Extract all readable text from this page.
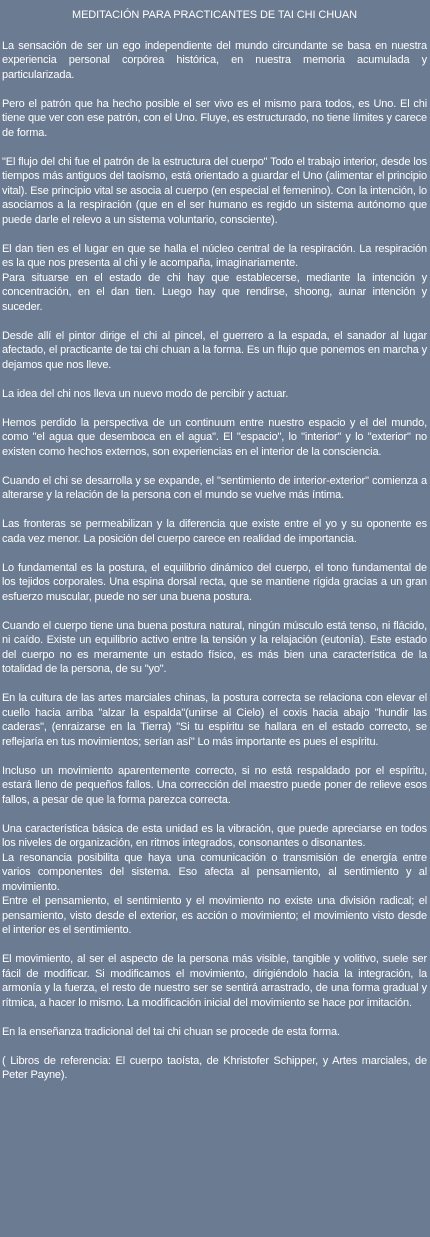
MEDITACIÓN PARA PRACTICANTES DE TAI CHI CHUAN

La sensación de ser un ego independiente del mundo circundante se basa en nuestra experiencia personal corpórea histórica, en nuestra memoria acumulada y particularizada.

Pero el patrón que ha hecho posible el ser vivo es el mismo para todos, es Uno. El chi tiene que ver con ese patrón, con el Uno. Fluye, es estructurado, no tiene límites y carece de forma.

"El flujo del chi fue el patrón de la estructura del cuerpo" Todo el trabajo interior, desde los tiempos más antiguos del taoísmo, está orientado a guardar el Uno (alimentar el principio vital). Ese principio vital se asocia al cuerpo (en especial el femenino). Con la intención, lo asociamos a la respiración (que en el ser humano es regido un sistema autónomo que puede darle el relevo a un sistema voluntario, consciente).

El dan tien es el lugar en que se halla el núcleo central de la respiración. La respiración es la que nos presenta al chi y le acompaña, imaginariamente.

Para situarse en el estado de chi hay que establecerse, mediante la intención y concentración, en el dan tien. Luego hay que rendirse, shoong, aunar intención y suceder.

Desde allí el pintor dirige el chi al pincel, el guerrero a la espada, el sanador al lugar afectado, el practicante de tai chi chuan a la forma. Es un flujo que ponemos en marcha y dejamos que nos lleve.

La idea del chi nos lleva un nuevo modo de percibir y actuar.

Hemos perdido la perspectiva de un continuum entre nuestro espacio y el del mundo, como "el agua que desemboca en el agua". El "espacio", lo "interior" y lo "exterior" no existen como hechos externos, son experiencias en el interior de la consciencia.

Cuando el chi se desarrolla y se expande, el "sentimiento de interior-exterior" comienza a alterarse y la relación de la persona con el mundo se vuelve más íntima.

Las fronteras se permeabilizan y la diferencia que existe entre el yo y su oponente es cada vez menor. La posición del cuerpo carece en realidad de importancia.

Lo fundamental es la postura, el equilibrio dinámico del cuerpo, el tono fundamental de los tejidos corporales. Una espina dorsal recta, que se mantiene rígida gracias a un gran esfuerzo muscular, puede no ser una buena postura.

Cuando el cuerpo tiene una buena postura natural, ningún músculo está tenso, ni flácido, ni caído. Existe un equilibrio activo entre la tensión y la relajación (eutonía). Este estado del cuerpo no es meramente un estado físico, es más bien una característica de la totalidad de la persona, de su "yo".

En la cultura de las artes marciales chinas, la postura correcta se relaciona con elevar el cuello hacia arriba "alzar la espalda"(unirse al Cielo) el coxis hacia abajo "hundir las caderas", (enraizarse en la Tierra) "Si tu espíritu se hallara en el estado correcto, se reflejaría en tus movimientos; serían así" Lo más importante es pues el espíritu.

Incluso un movimiento aparentemente correcto, si no está respaldado por el espíritu, estará lleno de pequeños fallos. Una corrección del maestro puede poner de relieve esos fallos, a pesar de que la forma parezca correcta.

Una característica básica de esta unidad es la vibración, que puede apreciarse en todos los niveles de organización, en ritmos integrados, consonantes o disonantes.

La resonancia posibilita que haya una comunicación o transmisión de energía entre varios componentes del sistema. Eso afecta al pensamiento, al sentimiento y al movimiento.

Entre el pensamiento, el sentimiento y el movimiento no existe una división radical; el pensamiento, visto desde el exterior, es acción o movimiento; el movimiento visto desde el interior es el sentimiento.

El movimiento, al ser el aspecto de la persona más visible, tangible y volitivo, suele ser fácil de modificar. Si modificamos el movimiento, dirigiéndolo hacia la integración, la armonía y la fuerza, el resto de nuestro ser se sentirá arrastrado, de una forma gradual y rítmica, a hacer lo mismo. La modificación inicial del movimiento se hace por imitación.

En la enseñanza tradicional del tai chi chuan se procede de esta forma.

( Libros de referencia: El cuerpo taoísta, de Khristofer Schipper, y Artes marciales, de Peter Payne).
